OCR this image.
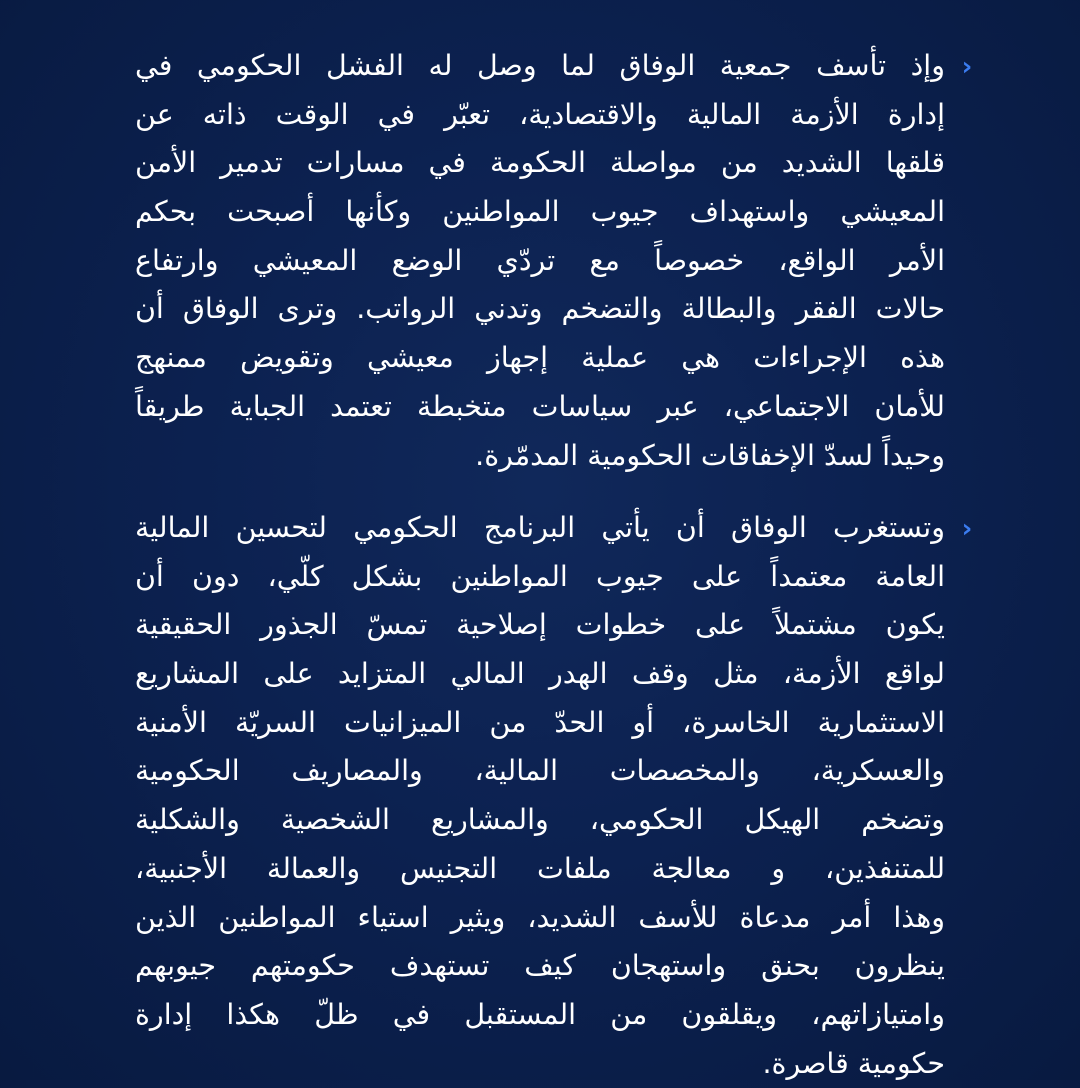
‹
وإذ تأسف جمعية الوفاق لما وصل له الفشل الحكومي في
إدارة الأزمة المالية والاقتصادية، تعبّر في الوقت ذاته عن
قلقها الشديد من مواصلة الحكومة في مسارات تدمير الأمن
المعيشي واستهداف جيوب المواطنين وكأنها أصبحت بحكم
الأمر الواقع، خصوصاً مع تردّي الوضع المعيشي وارتفاع
حالات الفقر والبطالة والتضخم وتدني الرواتب. وترى الوفاق أن
هذه الإجراءات هي عملية إجهاز معيشي وتقويض ممنهج
للأمان الاجتماعي، عبر سياسات متخبطة تعتمد الجباية طريقاً
وحيداً لسدّ الإخفاقات الحكومية المدمّرة.
‹
وتستغرب الوفاق أن يأتي البرنامج الحكومي لتحسين المالية
العامة معتمداً على جيوب المواطنين بشكل كلّي، دون أن
يكون مشتملاً على خطوات إصلاحية تمسّ الجذور الحقيقية
لواقع الأزمة، مثل وقف الهدر المالي المتزايد على المشاريع
الاستثمارية الخاسرة، أو الحدّ من الميزانيات السريّة الأمنية
والعسكرية، والمخصصات المالية، والمصاريف الحكومية
وتضخم الهيكل الحكومي، والمشاريع الشخصية والشكلية
للمتنفذين، و معالجة ملفات التجنيس والعمالة الأجنبية،
وهذا أمر مدعاة للأسف الشديد، ويثير استياء المواطنين الذين
ينظرون بحنق واستهجان كيف تستهدف حكومتهم جيوبهم
وامتيازاتهم، ويقلقون من المستقبل في ظلّ هكذا إدارة
حكومية قاصرة.
